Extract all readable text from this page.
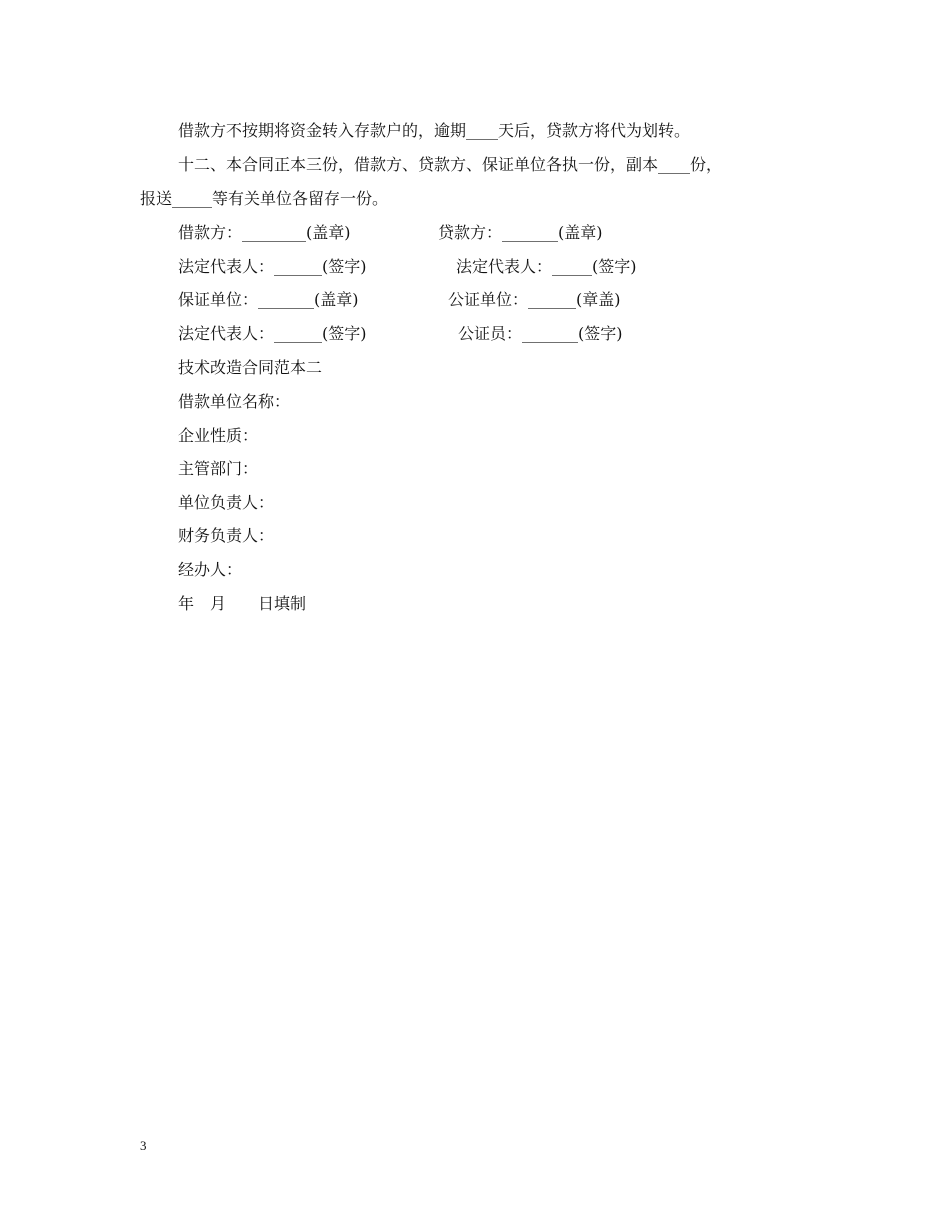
借款方不按期将资金转入存款户的，逾期____天后，贷款方将代为划转。
十二、本合同正本三份，借款方、贷款方、保证单位各执一份，副本____份，
报送_____等有关单位各留存一份。
借款方：________(盖章)	贷款方：_______(盖章)
法定代表人：______(签字)	法定代表人：_____(签字)
保证单位：_______(盖章)	公证单位：______(章盖)
法定代表人：______(签字)	公证员：_______(签字)
技术改造合同范本二
借款单位名称：
企业性质：
主管部门：
单位负责人：
财务负责人：
经办人：
年　月　　日填制
3
